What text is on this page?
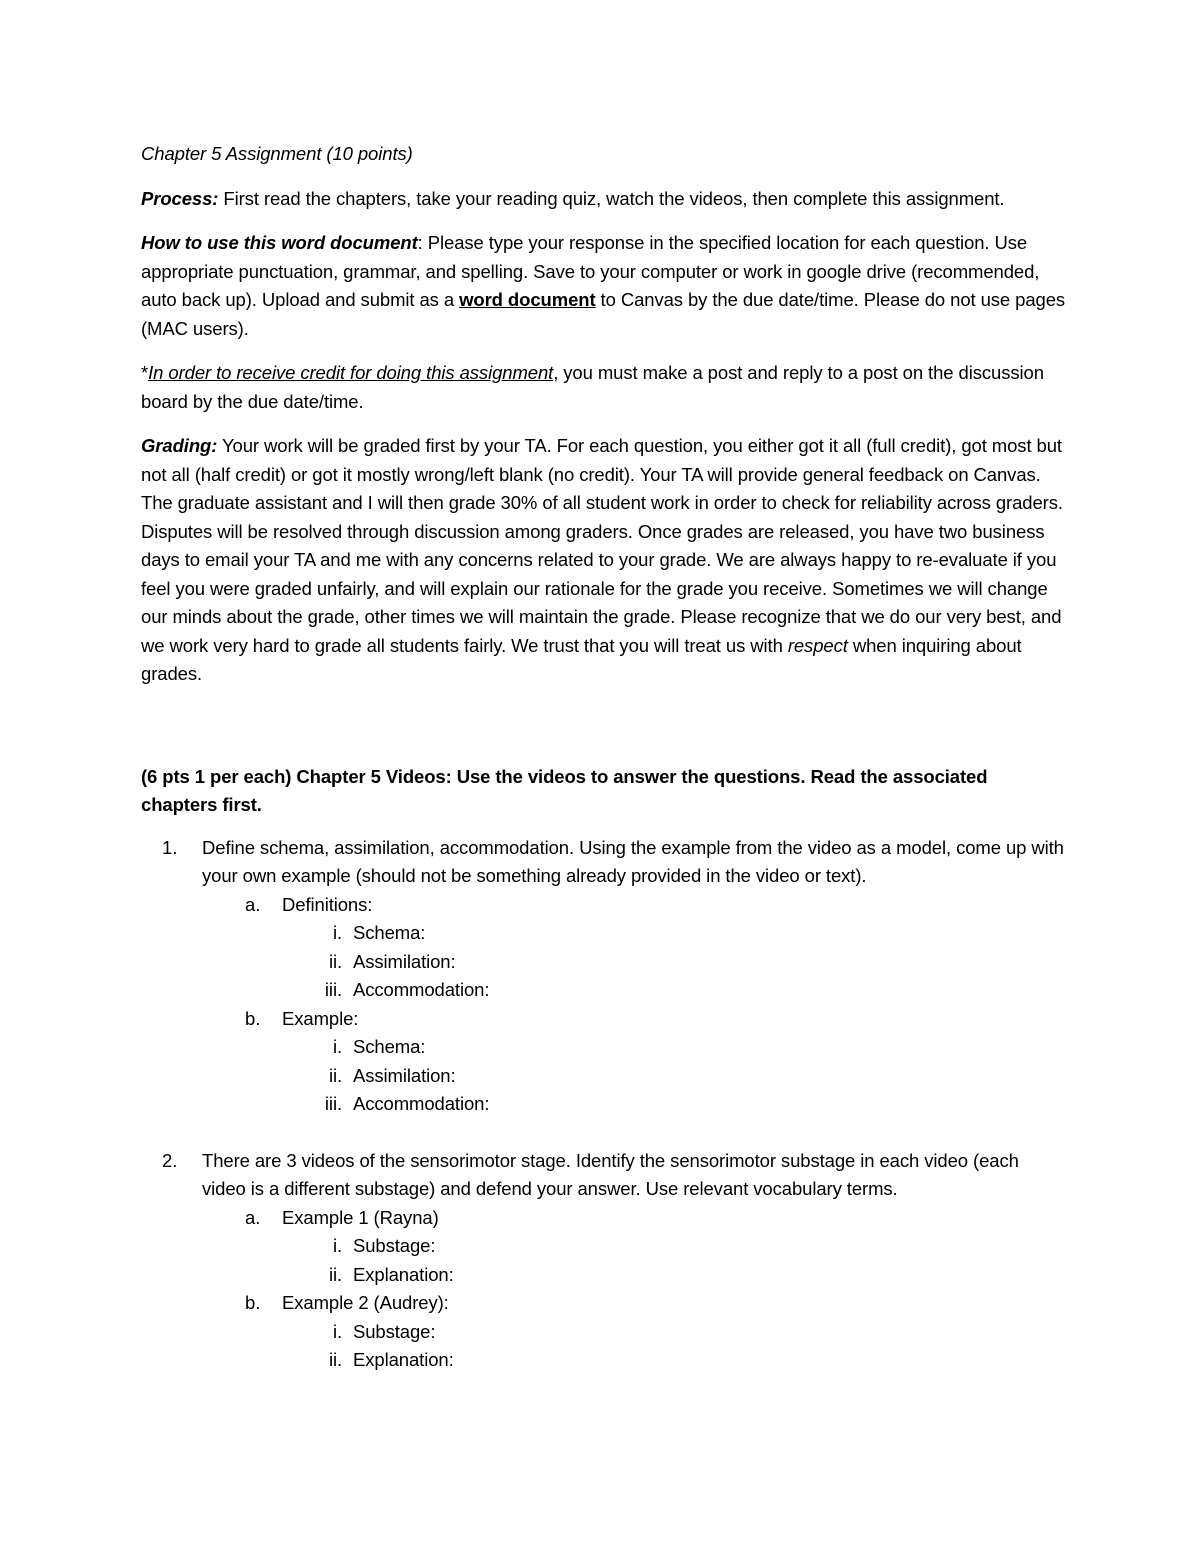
Chapter 5 Assignment (10 points)

Process: First read the chapters, take your reading quiz, watch the videos, then complete this assignment.

How to use this word document: Please type your response in the specified location for each question. Use appropriate punctuation, grammar, and spelling. Save to your computer or work in google drive (recommended, auto back up). Upload and submit as a word document to Canvas by the due date/time. Please do not use pages (MAC users).

*In order to receive credit for doing this assignment, you must make a post and reply to a post on the discussion board by the due date/time.

Grading: Your work will be graded first by your TA. For each question, you either got it all (full credit), got most but not all (half credit) or got it mostly wrong/left blank (no credit). Your TA will provide general feedback on Canvas. The graduate assistant and I will then grade 30% of all student work in order to check for reliability across graders. Disputes will be resolved through discussion among graders. Once grades are released, you have two business days to email your TA and me with any concerns related to your grade. We are always happy to re-evaluate if you feel you were graded unfairly, and will explain our rationale for the grade you receive. Sometimes we will change our minds about the grade, other times we will maintain the grade. Please recognize that we do our very best, and we work very hard to grade all students fairly. We trust that you will treat us with respect when inquiring about grades.

(6 pts 1 per each) Chapter 5 Videos: Use the videos to answer the questions. Read the associated chapters first.

1. Define schema, assimilation, accommodation. Using the example from the video as a model, come up with your own example (should not be something already provided in the video or text).
a. Definitions:
i. Schema:
ii. Assimilation:
iii. Accommodation:
b. Example:
i. Schema:
ii. Assimilation:
iii. Accommodation:
2. There are 3 videos of the sensorimotor stage. Identify the sensorimotor substage in each video (each video is a different substage) and defend your answer. Use relevant vocabulary terms.
a. Example 1 (Rayna)
i. Substage:
ii. Explanation:
b. Example 2 (Audrey):
i. Substage:
ii. Explanation:
